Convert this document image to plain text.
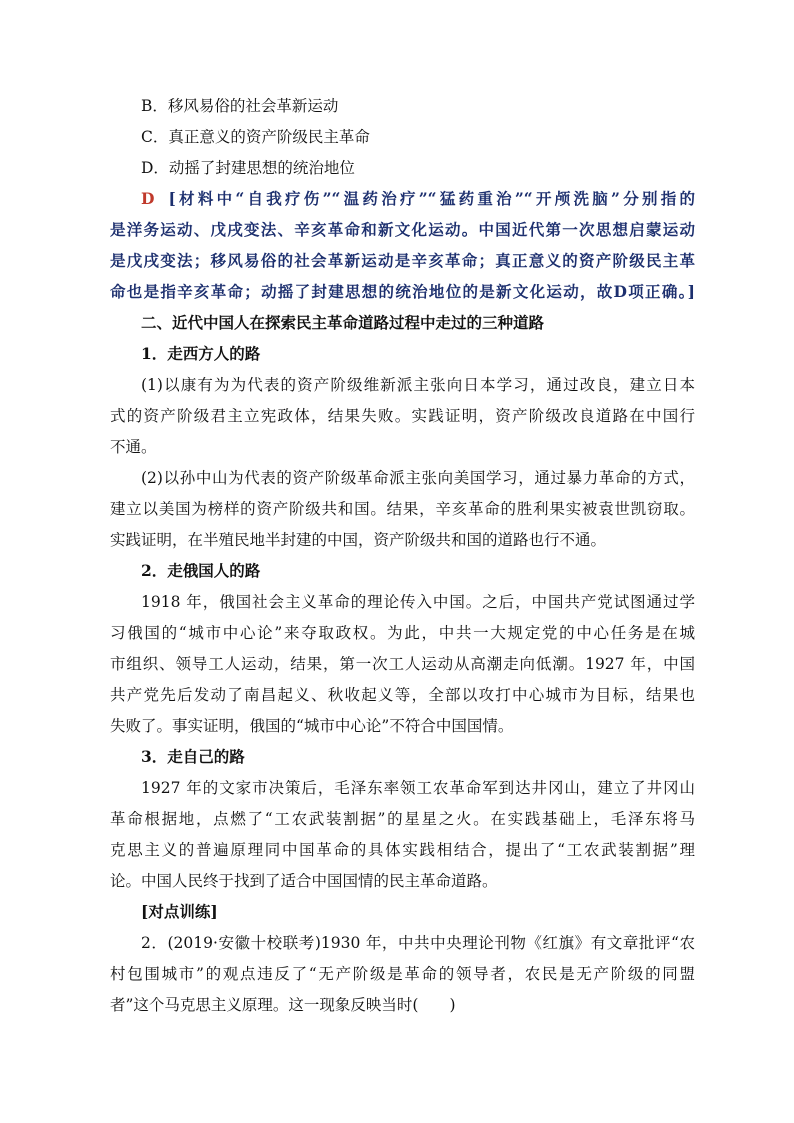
B．移风易俗的社会革新运动
C．真正意义的资产阶级民主革命
D．动摇了封建思想的统治地位
D [材料中“自我疗伤”“温药治疗”“猛药重治”“开颅洗脑”分别指的
是洋务运动、戊戌变法、辛亥革命和新文化运动。中国近代第一次思想启蒙运动
是戊戌变法；移风易俗的社会革新运动是辛亥革命；真正意义的资产阶级民主革
命也是指辛亥革命；动摇了封建思想的统治地位的是新文化运动，故D项正确。]
二、近代中国人在探索民主革命道路过程中走过的三种道路
1．走西方人的路
(1)以康有为为代表的资产阶级维新派主张向日本学习，通过改良，建立日本
式的资产阶级君主立宪政体，结果失败。实践证明，资产阶级改良道路在中国行
不通。
(2)以孙中山为代表的资产阶级革命派主张向美国学习，通过暴力革命的方式，
建立以美国为榜样的资产阶级共和国。结果，辛亥革命的胜利果实被袁世凯窃取。
实践证明，在半殖民地半封建的中国，资产阶级共和国的道路也行不通。
2．走俄国人的路
1918 年，俄国社会主义革命的理论传入中国。之后，中国共产党试图通过学
习俄国的“城市中心论”来夺取政权。为此，中共一大规定党的中心任务是在城
市组织、领导工人运动，结果，第一次工人运动从高潮走向低潮。1927 年，中国
共产党先后发动了南昌起义、秋收起义等，全部以攻打中心城市为目标，结果也
失败了。事实证明，俄国的“城市中心论”不符合中国国情。
3．走自己的路
1927 年的文家市决策后，毛泽东率领工农革命军到达井冈山，建立了井冈山
革命根据地，点燃了“工农武装割据”的星星之火。在实践基础上，毛泽东将马
克思主义的普遍原理同中国革命的具体实践相结合，提出了“工农武装割据”理
论。中国人民终于找到了适合中国国情的民主革命道路。
[对点训练]
2．(2019·安徽十校联考)1930 年，中共中央理论刊物《红旗》有文章批评“农
村包围城市”的观点违反了“无产阶级是革命的领导者，农民是无产阶级的同盟
者”这个马克思主义原理。这一现象反映当时(　　)
